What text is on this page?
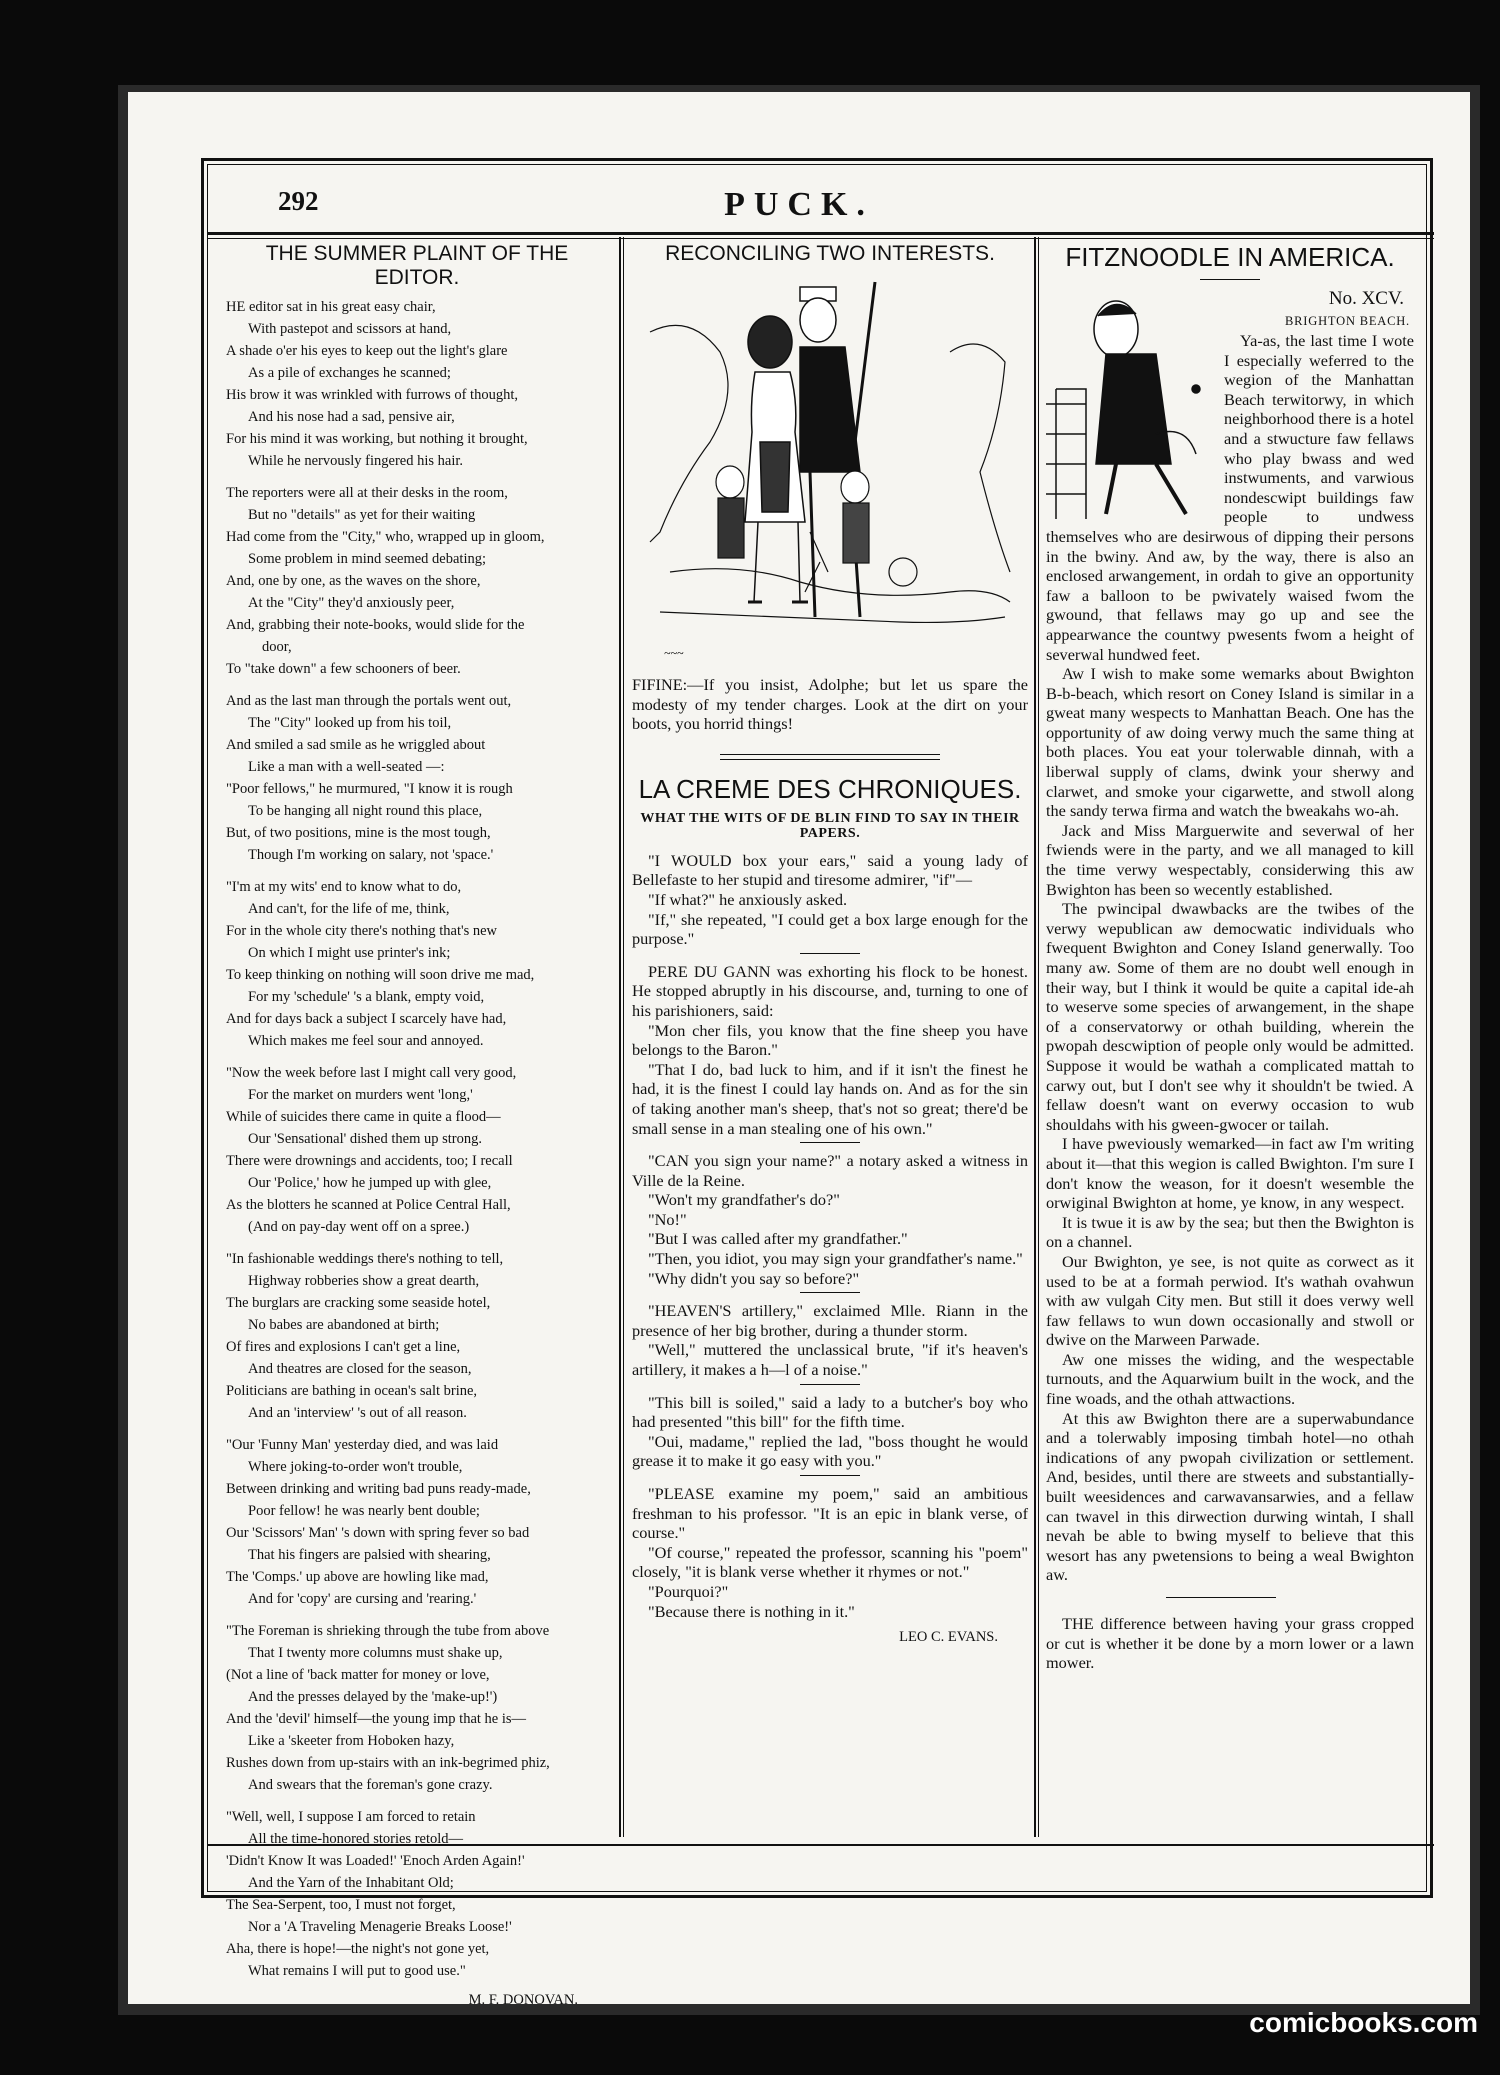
292	PUCK.
THE SUMMER PLAINT OF THE EDITOR.
HE editor sat in his great easy chair,
With pastepot and scissors at hand,
A shade o'er his eyes to keep out the light's glare
As a pile of exchanges he scanned;
His brow it was wrinkled with furrows of thought,
And his nose had a sad, pensive air,
For his mind it was working, but nothing it brought,
While he nervously fingered his hair.
The reporters were all at their desks in the room,
But no "details" as yet for their waiting
Had come from the "City," who, wrapped up in gloom,
Some problem in mind seemed debating;
And, one by one, as the waves on the shore,
At the "City" they'd anxiously peer,
And, grabbing their note-books, would slide for the
door,
To "take down" a few schooners of beer.
And as the last man through the portals went out,
The "City" looked up from his toil,
And smiled a sad smile as he wriggled about
Like a man with a well-seated —:
"Poor fellows," he murmured, "I know it is rough
To be hanging all night round this place,
But, of two positions, mine is the most tough,
Though I'm working on salary, not 'space.'
"I'm at my wits' end to know what to do,
And can't, for the life of me, think,
For in the whole city there's nothing that's new
On which I might use printer's ink;
To keep thinking on nothing will soon drive me mad,
For my 'schedule' 's a blank, empty void,
And for days back a subject I scarcely have had,
Which makes me feel sour and annoyed.
"Now the week before last I might call very good,
For the market on murders went 'long,'
While of suicides there came in quite a flood—
Our 'Sensational' dished them up strong.
There were drownings and accidents, too; I recall
Our 'Police,' how he jumped up with glee,
As the blotters he scanned at Police Central Hall,
(And on pay-day went off on a spree.)
"In fashionable weddings there's nothing to tell,
Highway robberies show a great dearth,
The burglars are cracking some seaside hotel,
No babes are abandoned at birth;
Of fires and explosions I can't get a line,
And theatres are closed for the season,
Politicians are bathing in ocean's salt brine,
And an 'interview' 's out of all reason.
"Our 'Funny Man' yesterday died, and was laid
Where joking-to-order won't trouble,
Between drinking and writing bad puns ready-made,
Poor fellow! he was nearly bent double;
Our 'Scissors' Man' 's down with spring fever so bad
That his fingers are palsied with shearing,
The 'Comps.' up above are howling like mad,
And for 'copy' are cursing and 'rearing.'
"The Foreman is shrieking through the tube from above
That I twenty more columns must shake up,
(Not a line of 'back matter for money or love,
And the presses delayed by the 'make-up!')
And the 'devil' himself—the young imp that he is—
Like a 'skeeter from Hoboken hazy,
Rushes down from up-stairs with an ink-begrimed phiz,
And swears that the foreman's gone crazy.
"Well, well, I suppose I am forced to retain
All the time-honored stories retold—
'Didn't Know It was Loaded!' 'Enoch Arden Again!'
And the Yarn of the Inhabitant Old;
The Sea-Serpent, too, I must not forget,
Nor a 'A Traveling Menagerie Breaks Loose!'
Aha, there is hope!—the night's not gone yet,
What remains I will put to good use."
M. F. DONOVAN.
RECONCILING TWO INTERESTS.
~~~

FIFINE:—If you insist, Adolphe; but let us spare the modesty of my tender charges. Look at the dirt on your boots, you horrid things!

LA CREME DES CHRONIQUES.
WHAT THE WITS OF DE BLIN FIND TO SAY IN THEIR PAPERS.

"I WOULD box your ears," said a young lady of Bellefaste to her stupid and tiresome admirer, "if"—

"If what?" he anxiously asked.

"If," she repeated, "I could get a box large enough for the purpose."

PERE DU GANN was exhorting his flock to be honest. He stopped abruptly in his discourse, and, turning to one of his parishioners, said:

"Mon cher fils, you know that the fine sheep you have belongs to the Baron."

"That I do, bad luck to him, and if it isn't the finest he had, it is the finest I could lay hands on. And as for the sin of taking another man's sheep, that's not so great; there'd be small sense in a man stealing one of his own."

"CAN you sign your name?" a notary asked a witness in Ville de la Reine.

"Won't my grandfather's do?"

"No!"

"But I was called after my grandfather."

"Then, you idiot, you may sign your grandfather's name."

"Why didn't you say so before?"

"HEAVEN'S artillery," exclaimed Mlle. Riann in the presence of her big brother, during a thunder storm.

"Well," muttered the unclassical brute, "if it's heaven's artillery, it makes a h—l of a noise."

"This bill is soiled," said a lady to a butcher's boy who had presented "this bill" for the fifth time.

"Oui, madame," replied the lad, "boss thought he would grease it to make it go easy with you."

"PLEASE examine my poem," said an ambitious freshman to his professor. "It is an epic in blank verse, of course."

"Of course," repeated the professor, scanning his "poem" closely, "it is blank verse whether it rhymes or not."

"Pourquoi?"

"Because there is nothing in it."

LEO C. EVANS.
FITZNOODLE IN AMERICA.
No. XCV.
BRIGHTON BEACH.

Ya-as, the last time I wote I especially weferred to the wegion of the Manhattan Beach terwitorwy, in which neighborhood there is a hotel and a stwucture faw fellaws who play bwass and wed instwuments, and varwious nondescwipt buildings faw people to undwess themselves who are desirwous of dipping their persons in the bwiny. And aw, by the way, there is also an enclosed arwangement, in ordah to give an opportunity faw a balloon to be pwivately waised fwom the gwound, that fellaws may go up and see the appearwance the countwy pwesents fwom a height of severwal hundwed feet.

Aw I wish to make some wemarks about Bwighton B-b-beach, which resort on Coney Island is similar in a gweat many wespects to Manhattan Beach. One has the opportunity of aw doing verwy much the same thing at both places. You eat your tolerwable dinnah, with a liberwal supply of clams, dwink your sherwy and clarwet, and smoke your cigarwette, and stwoll along the sandy terwa firma and watch the bweakahs wo-ah.

Jack and Miss Marguerwite and severwal of her fwiends were in the party, and we all managed to kill the time verwy wespectably, considerwing this aw Bwighton has been so wecently established.

The pwincipal dwawbacks are the twibes of the verwy wepublican aw democwatic individuals who fwequent Bwighton and Coney Island generwally. Too many aw. Some of them are no doubt well enough in their way, but I think it would be quite a capital ide-ah to weserve some species of arwangement, in the shape of a conservatorwy or othah building, wherein the pwopah descwiption of people only would be admitted. Suppose it would be wathah a complicated mattah to carwy out, but I don't see why it shouldn't be twied. A fellaw doesn't want on everwy occasion to wub shouldahs with his gween-gwocer or tailah.

I have pweviously wemarked—in fact aw I'm writing about it—that this wegion is called Bwighton. I'm sure I don't know the weason, for it doesn't wesemble the orwiginal Bwighton at home, ye know, in any wespect.

It is twue it is aw by the sea; but then the Bwighton is on a channel.

Our Bwighton, ye see, is not quite as corwect as it used to be at a formah perwiod. It's wathah ovahwun with aw vulgah City men. But still it does verwy well faw fellaws to wun down occasionally and stwoll or dwive on the Marween Parwade.

Aw one misses the widing, and the wespectable turnouts, and the Aquarwium built in the wock, and the fine woads, and the othah attwactions.

At this aw Bwighton there are a superwabundance and a tolerwably imposing timbah hotel—no othah indications of any pwopah civilization or settlement. And, besides, until there are stweets and substantially-built weesidences and carwavansarwies, and a fellaw can twavel in this dirwection durwing wintah, I shall nevah be able to bwing myself to believe that this wesort has any pwetensions to being a weal Bwighton aw.

THE difference between having your grass cropped or cut is whether it be done by a morn lower or a lawn mower.

comicbooks.com
